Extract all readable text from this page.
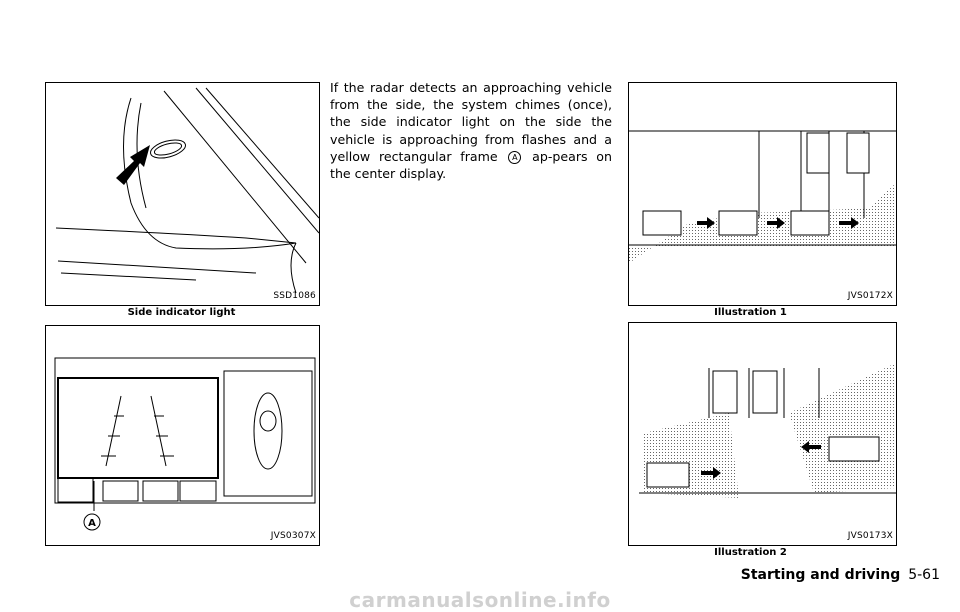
SSD1086
Side indicator light
A
JVS0307X
If the radar detects an approaching vehicle from the side, the system chimes (once), the side indicator light on the side the vehicle is approaching from flashes and a yellow rectangular frame A ap-pears on the center display.
JVS0172X
Illustration 1
JVS0173X
Illustration 2
Starting and driving 5-61
carmanualsonline.info
